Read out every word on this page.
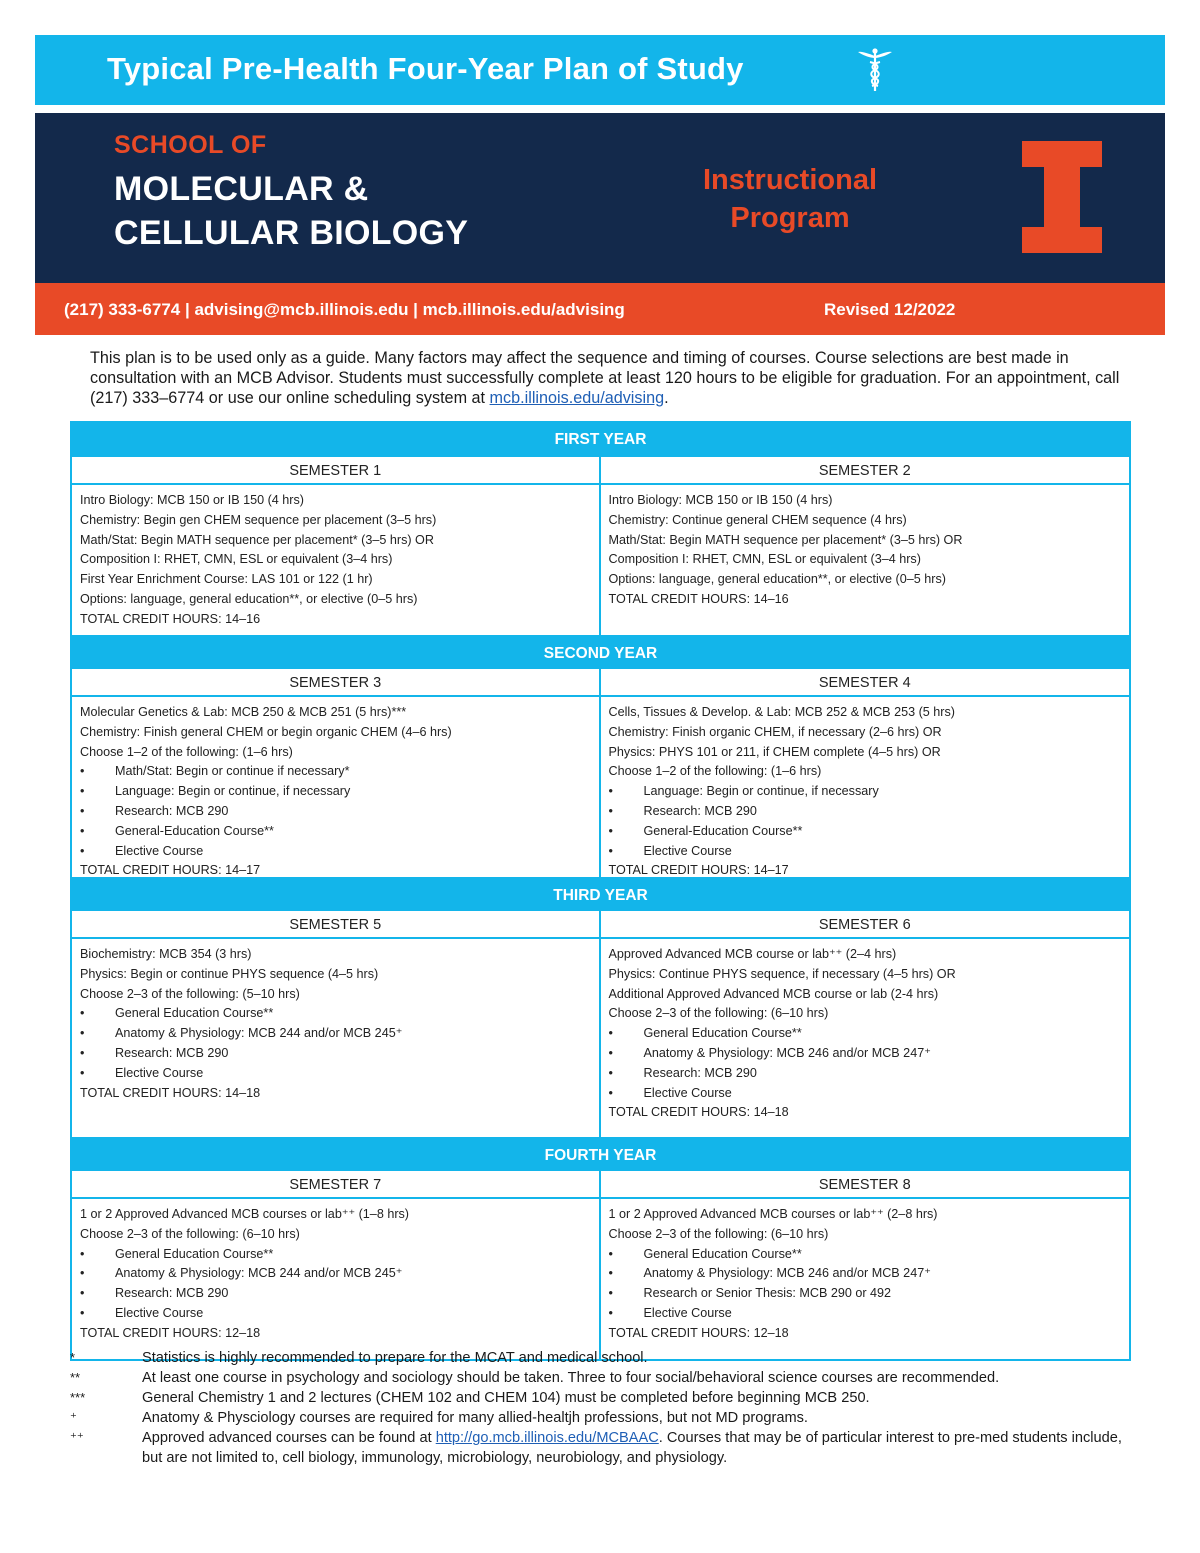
Typical Pre-Health Four-Year Plan of Study
SCHOOL OF
MOLECULAR &
CELLULAR BIOLOGY
Instructional
Program
(217) 333-6774 | advising@mcb.illinois.edu | mcb.illinois.edu/advising	Revised 12/2022
This plan is to be used only as a guide. Many factors may affect the sequence and timing of courses. Course selections are best made in consultation with an MCB Advisor. Students must successfully complete at least 120 hours to be eligible for graduation. For an appointment, call (217) 333–6774 or use our online scheduling system at mcb.illinois.edu/advising.
FIRST YEAR
SEMESTER 1
Intro Biology: MCB 150 or IB 150 (4 hrs)
Chemistry: Begin gen CHEM sequence per placement (3–5 hrs)
Math/Stat: Begin MATH sequence per placement* (3–5 hrs) OR
Composition I: RHET, CMN, ESL or equivalent (3–4 hrs)
First Year Enrichment Course: LAS 101 or 122 (1 hr)
Options: language, general education**, or elective (0–5 hrs)
TOTAL CREDIT HOURS: 14–16
SEMESTER 2
Intro Biology: MCB 150 or IB 150 (4 hrs)
Chemistry: Continue general CHEM sequence (4 hrs)
Math/Stat: Begin MATH sequence per placement* (3–5 hrs) OR
Composition I: RHET, CMN, ESL or equivalent (3–4 hrs)
Options: language, general education**, or elective (0–5 hrs)
TOTAL CREDIT HOURS: 14–16
SECOND YEAR
SEMESTER 3
Molecular Genetics & Lab: MCB 250 & MCB 251 (5 hrs)***
Chemistry: Finish general CHEM or begin organic CHEM (4–6 hrs)
Choose 1–2 of the following: (1–6 hrs)
• Math/Stat: Begin or continue if necessary*
• Language: Begin or continue, if necessary
• Research: MCB 290
• General-Education Course**
• Elective Course
TOTAL CREDIT HOURS: 14–17
SEMESTER 4
Cells, Tissues & Develop. & Lab: MCB 252 & MCB 253 (5 hrs)
Chemistry: Finish organic CHEM, if necessary (2–6 hrs) OR
Physics: PHYS 101 or 211, if CHEM complete (4–5 hrs) OR
Choose 1–2 of the following: (1–6 hrs)
• Language: Begin or continue, if necessary
• Research: MCB 290
• General-Education Course**
• Elective Course
TOTAL CREDIT HOURS: 14–17
THIRD YEAR
SEMESTER 5
Biochemistry: MCB 354 (3 hrs)
Physics: Begin or continue PHYS sequence (4–5 hrs)
Choose 2–3 of the following: (5–10 hrs)
• General Education Course**
• Anatomy & Physiology: MCB 244 and/or MCB 245⁺
• Research: MCB 290
• Elective Course
TOTAL CREDIT HOURS: 14–18
SEMESTER 6
Approved Advanced MCB course or lab⁺⁺ (2–4 hrs)
Physics: Continue PHYS sequence, if necessary (4–5 hrs) OR
Additional Approved Advanced MCB course or lab (2-4 hrs)
Choose 2–3 of the following: (6–10 hrs)
• General Education Course**
• Anatomy & Physiology: MCB 246 and/or MCB 247⁺
• Research: MCB 290
• Elective Course
TOTAL CREDIT HOURS: 14–18
FOURTH YEAR
SEMESTER 7
1 or 2 Approved Advanced MCB courses or lab⁺⁺ (1–8 hrs)
Choose 2–3 of the following: (6–10 hrs)
• General Education Course**
• Anatomy & Physiology: MCB 244 and/or MCB 245⁺
• Research: MCB 290
• Elective Course
TOTAL CREDIT HOURS: 12–18
SEMESTER 8
1 or 2 Approved Advanced MCB courses or lab⁺⁺ (2–8 hrs)
Choose 2–3 of the following: (6–10 hrs)
• General Education Course**
• Anatomy & Physiology: MCB 246 and/or MCB 247⁺
• Research or Senior Thesis: MCB 290 or 492
• Elective Course
TOTAL CREDIT HOURS: 12–18
*	Statistics is highly recommended to prepare for the MCAT and medical school.
**	At least one course in psychology and sociology should be taken. Three to four social/behavioral science courses are recommended.
***	General Chemistry 1 and 2 lectures (CHEM 102 and CHEM 104) must be completed before beginning MCB 250.
⁺	Anatomy & Physciology courses are required for many allied-healtjh professions, but not MD programs.
⁺⁺	Approved advanced courses can be found at http://go.mcb.illinois.edu/MCBAAC. Courses that may be of particular interest to pre-med students include, but are not limited to, cell biology, immunology, microbiology, neurobiology, and physiology.
